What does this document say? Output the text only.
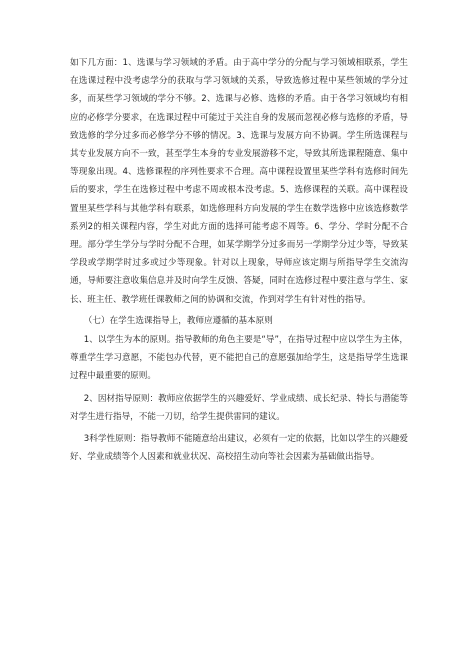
如下几方面：1、选课与学习领域的矛盾。由于高中学分的分配与学习领域相联系，学生在选课过程中没考虑学分的获取与学习领域的关系，导致选修过程中某些领域的学分过多，而某些学习领域的学分不够。2、选课与必修、选修的矛盾。由于各学习领域均有相应的必修学分要求，在选课过程中可能过于关注自身的发展而忽视必修与选修的矛盾，导致选修的学分过多而必修学分不够的情况。3、选课与发展方向不协调。学生所选课程与其专业发展方向不一致，甚至学生本身的专业发展游移不定，导致其所选课程随意、集中等现象出现。4、选修课程的序列性要求不合理。高中课程设置里某些学科有选修时间先后的要求，学生在选修过程中考虑不周或根本没考虑。5、选修课程的关联。高中课程设置里某些学科与其他学科有联系，如选修理科方向发展的学生在数学选修中应该选修数学系列2的相关课程内容，学生对此方面的选择可能考虑不周等。6、学分、学时分配不合理。部分学生学分与学时分配不合理，如某学期学分过多而另一学期学分过少等，导致某学段或学期学时过多或过少等现象。针对以上现象，导师应该定期与所指导学生交流沟通，导师要注意收集信息并及时向学生反馈、答疑，同时在选修过程中要注意与学生、家长、班主任、教学班任课教师之间的协调和交流，作到对学生有针对性的指导。

（七）在学生选课指导上，教师应遵循的基本原则

1、以学生为本的原则。指导教师的角色主要是“导”，在指导过程中应以学生为主体，尊重学生学习意愿，不能包办代替，更不能把自己的意愿强加给学生，这是指导学生选课过程中最重要的原则。

2、因材指导原则：教师应依据学生的兴趣爱好、学业成绩、成长纪录、特长与潜能等对学生进行指导，不能一刀切，给学生提供雷同的建议。

3科学性原则：指导教师不能随意给出建议，必须有一定的依据，比如以学生的兴趣爱好、学业成绩等个人因素和就业状况、高校招生动向等社会因素为基础做出指导。
